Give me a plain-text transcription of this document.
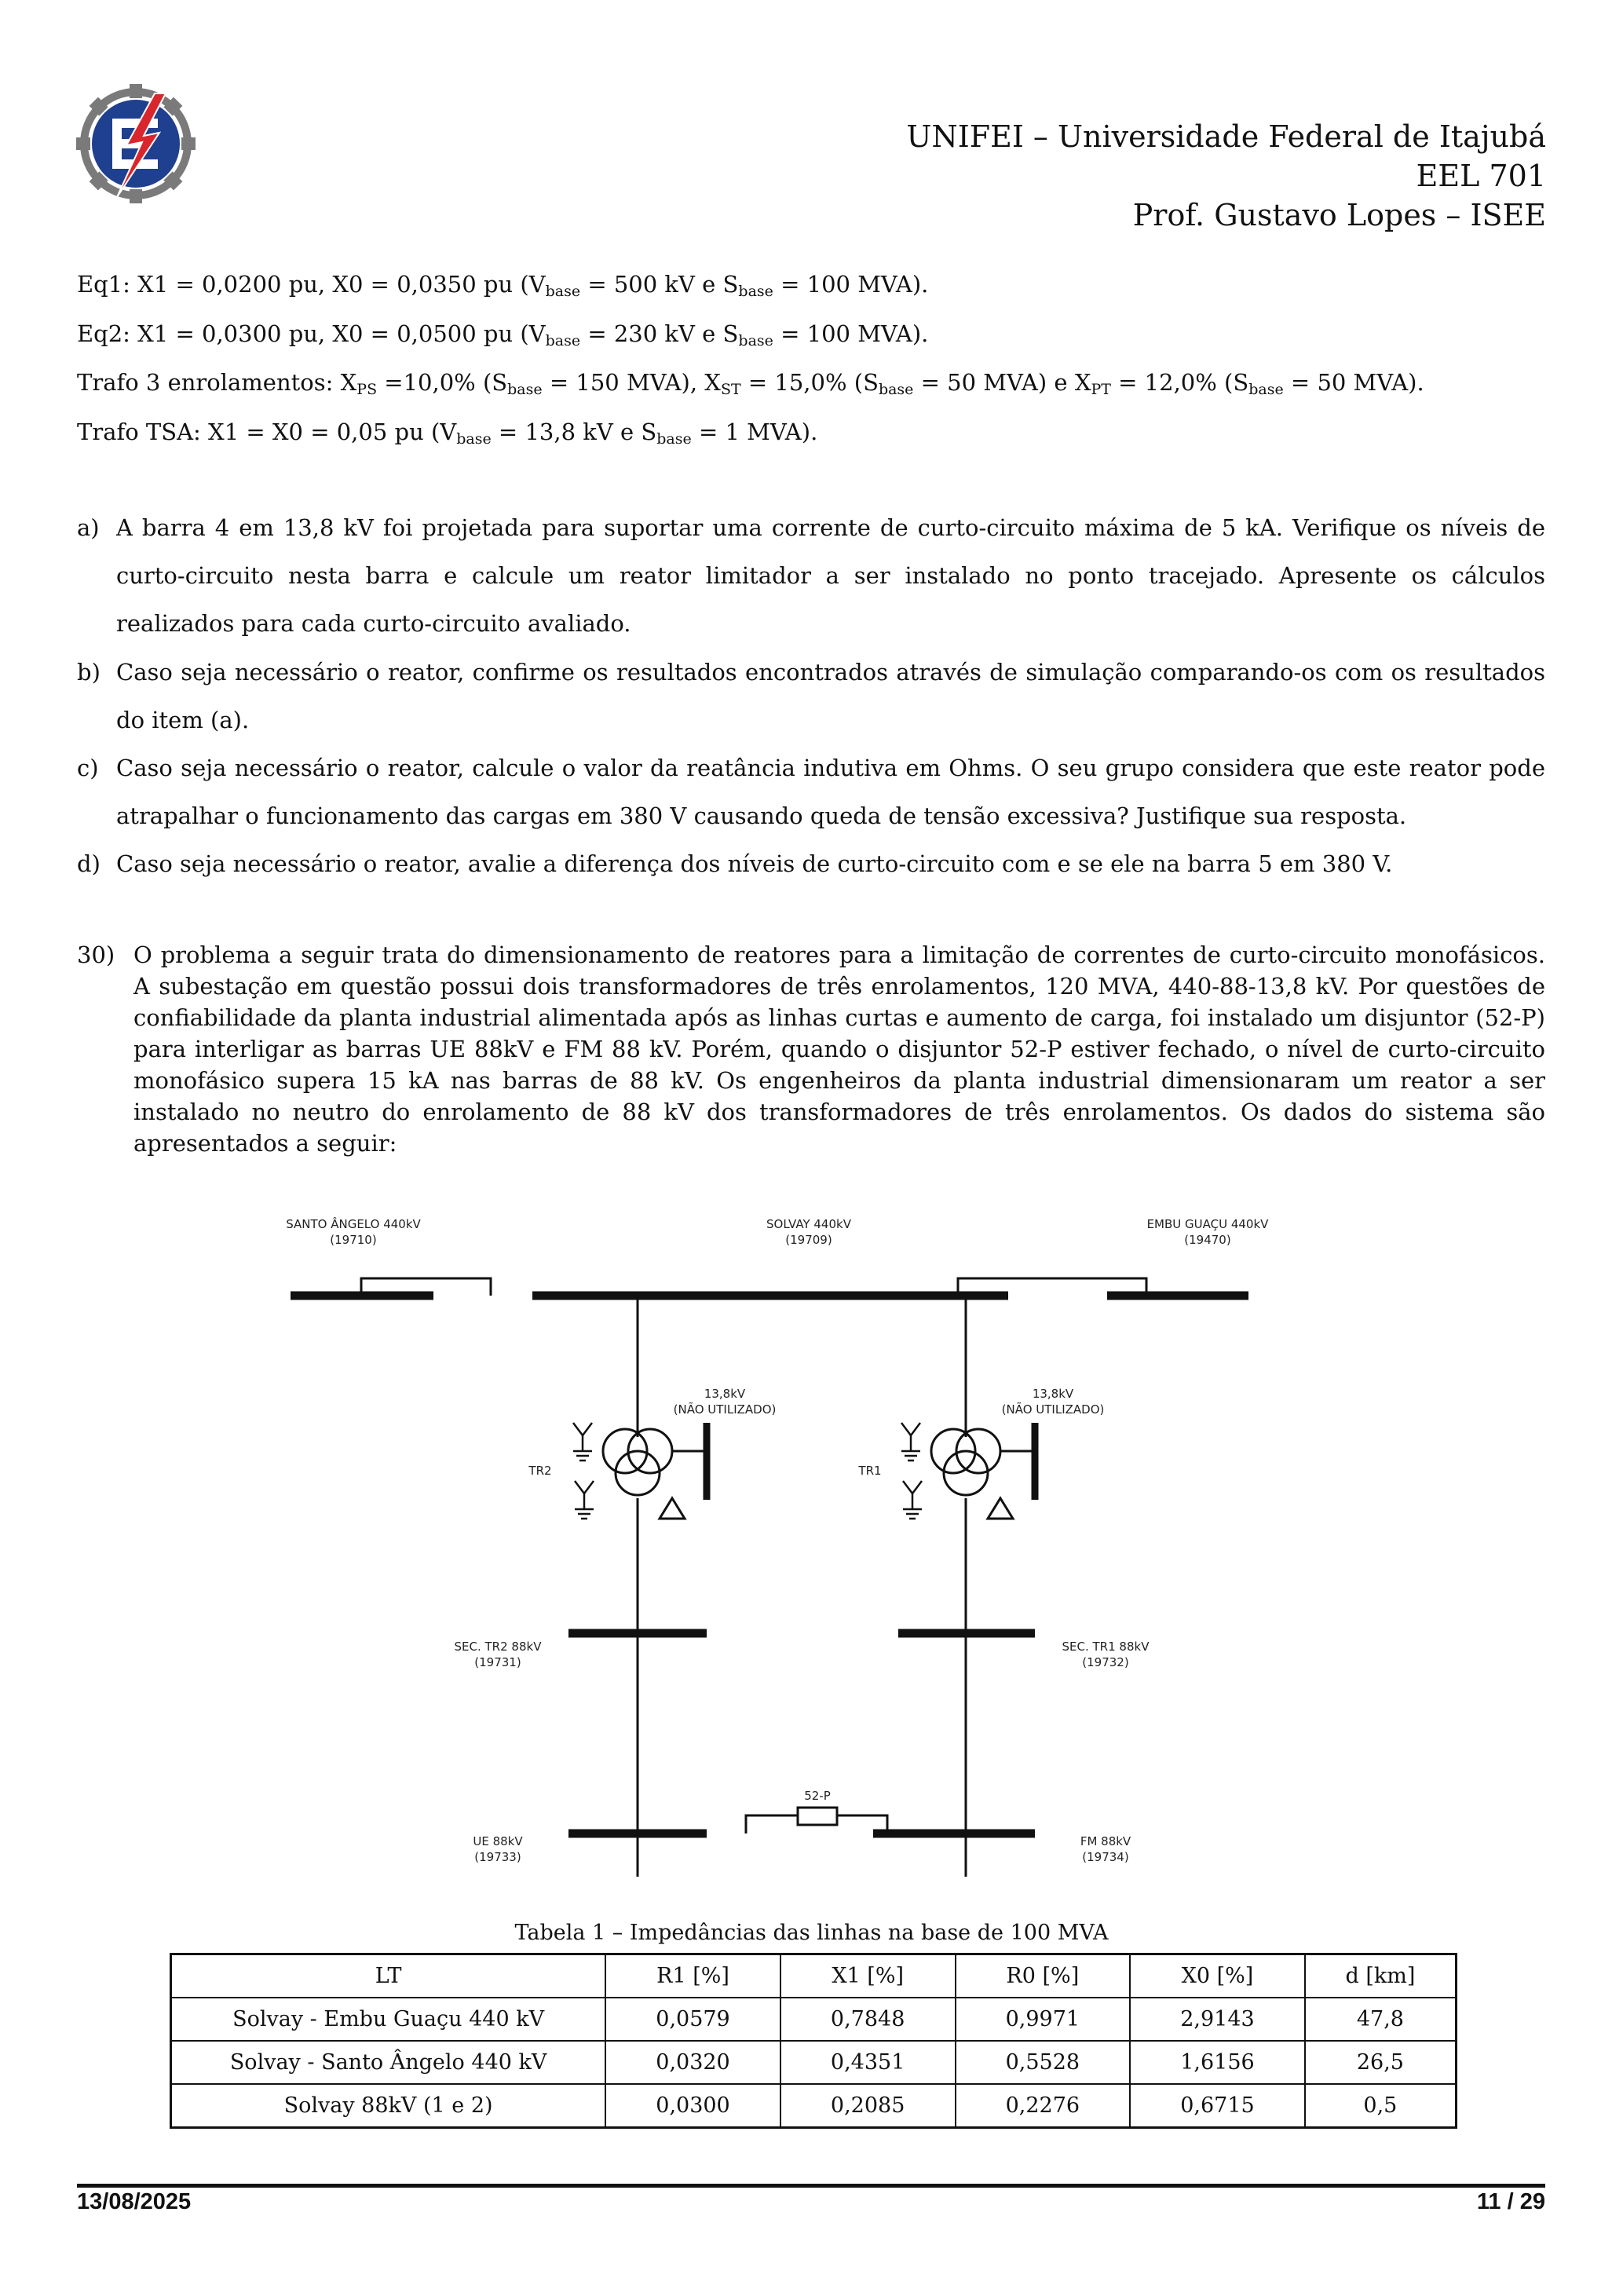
UNIFEI – Universidade Federal de Itajubá
EEL 701
Prof. Gustavo Lopes – ISEE
Eq1: X1 = 0,0200 pu, X0 = 0,0350 pu ($V_{base} = 500$ kV e $S_{base} = 100$ MVA).
Eq2: X1 = 0,0300 pu, X0 = 0,0500 pu ($V_{base} = 230$ kV e $S_{base} = 100$ MVA).
Trafo 3 enrolamentos: $X_{PS} =10,0\%$ ($S_{base} = 150$ MVA), $X_{ST} = 15,0\%$ ($S_{base} = 50$ MVA) e $X_{PT} = 12,0\%$ ($S_{base} = 50$ MVA).
Trafo TSA: X1 = X0 = 0,05 pu ($V_{base} = 13,8$ kV e $S_{base} = 1$ MVA).
a) A barra 4 em 13,8 kV foi projetada para suportar uma corrente de curto-circuito máxima de 5 kA. Verifique os níveis de curto-circuito nesta barra e calcule um reator limitador a ser instalado no ponto tracejado. Apresente os cálculos realizados para cada curto-circuito avaliado.
b) Caso seja necessário o reator, confirme os resultados encontrados através de simulação comparando-os com os resultados do item (a).
c) Caso seja necessário o reator, calcule o valor da reatância indutiva em Ohms. O seu grupo considera que este reator pode atrapalhar o funcionamento das cargas em 380 V causando queda de tensão excessiva? Justifique sua resposta.
d) Caso seja necessário o reator, avalie a diferença dos níveis de curto-circuito com e se ele na barra 5 em 380 V.
30) O problema a seguir trata do dimensionamento de reatores para a limitação de correntes de curto-circuito monofásicos. A subestação em questão possui dois transformadores de três enrolamentos, 120 MVA, 440-88-13,8 kV. Por questões de confiabilidade da planta industrial alimentada após as linhas curtas e aumento de carga, foi instalado um disjuntor (52-P) para interligar as barras UE 88kV e FM 88 kV. Porém, quando o disjuntor 52-P estiver fechado, o nível de curto-circuito monofásico supera 15 kA nas barras de 88 kV. Os engenheiros da planta industrial dimensionaram um reator a ser instalado no neutro do enrolamento de 88 kV dos transformadores de três enrolamentos. Os dados do sistema são apresentados a seguir:
SANTO ÂNGELO 440kV
(19710)
SOLVAY 440kV
(19709)
EMBU GUAÇU 440kV
(19470)
13,8kV
(NÃO UTILIZADO)
13,8kV
(NÃO UTILIZADO)
TR2	TR1
SEC. TR2 88kV
(19731)
SEC. TR1 88kV
(19732)
52-P
UE 88kV
(19733)
FM 88kV
(19734)
Tabela 1 – Impedâncias das linhas na base de 100 MVA
LT	R1 [%]	X1 [%]	R0 [%]	X0 [%]	d [km]
Solvay - Embu Guaçu 440 kV	0,0579	0,7848	0,9971	2,9143	47,8
Solvay - Santo Ângelo 440 kV	0,0320	0,4351	0,5528	1,6156	26,5
Solvay 88kV (1 e 2)	0,0300	0,2085	0,2276	0,6715	0,5
13/08/2025	11 / 29
